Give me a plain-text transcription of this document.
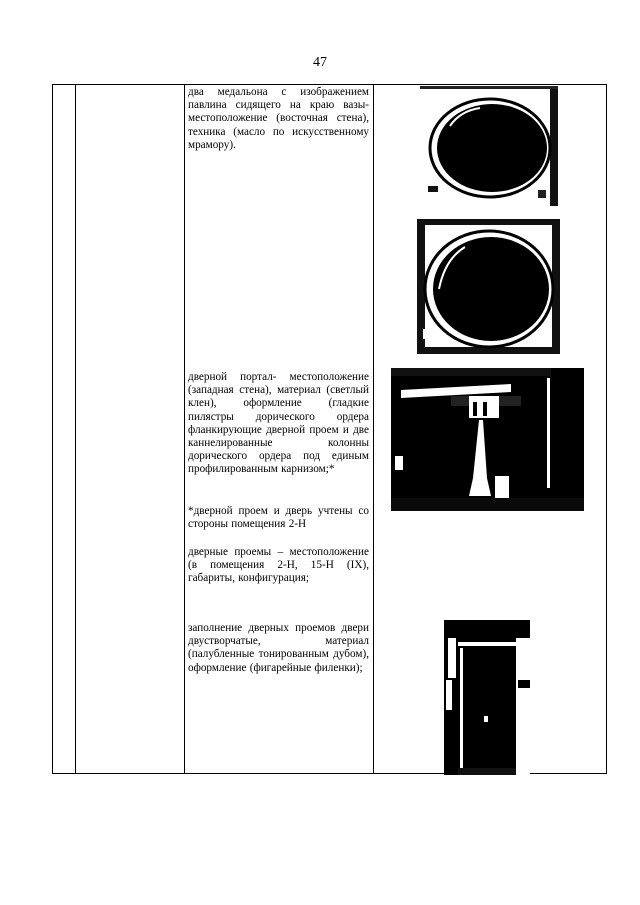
47
два медальона с изображением павлина сидящего на краю вазы- местоположение (восточная стена), техника (масло по искусственному мрамору).
дверной портал- местоположение (западная стена), материал (светлый клен), оформление (гладкие пилястры дорического ордера фланкирующие дверной проем и две каннелированные колонны дорического ордера под единым профилированным карнизом;*
*дверной проем и дверь учтены со стороны помещения 2-Н
дверные проемы – местоположение (в помещения 2-Н, 15-Н (IX), габариты, конфигурация;
заполнение дверных проемов двери двустворчатые, материал (палубленные тонированным дубом), оформление (фигарейные филенки);
